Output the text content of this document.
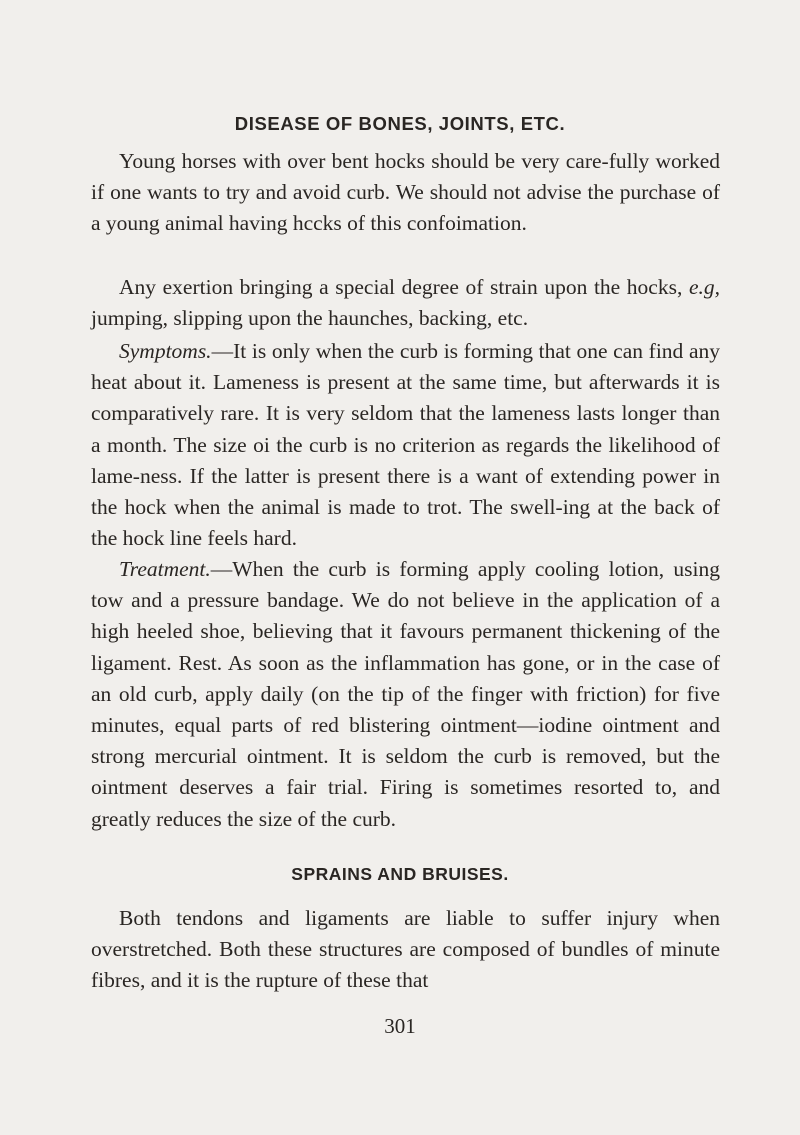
DISEASE OF BONES, JOINTS, ETC.

Young horses with over bent hocks should be very care-fully worked if one wants to try and avoid curb. We should not advise the purchase of a young animal having hccks of this confoimation.

Any exertion bringing a special degree of strain upon the hocks, e.g, jumping, slipping upon the haunches, backing, etc.

Symptoms.—It is only when the curb is forming that one can find any heat about it. Lameness is present at the same time, but afterwards it is comparatively rare. It is very seldom that the lameness lasts longer than a month. The size oi the curb is no criterion as regards the likelihood of lame-ness. If the latter is present there is a want of extending power in the hock when the animal is made to trot. The swell-ing at the back of the hock line feels hard.

Treatment.—When the curb is forming apply cooling lotion, using tow and a pressure bandage. We do not believe in the application of a high heeled shoe, believing that it favours permanent thickening of the ligament. Rest. As soon as the inflammation has gone, or in the case of an old curb, apply daily (on the tip of the finger with friction) for five minutes, equal parts of red blistering ointment—iodine ointment and strong mercurial ointment. It is seldom the curb is removed, but the ointment deserves a fair trial. Firing is sometimes resorted to, and greatly reduces the size of the curb.

SPRAINS AND BRUISES.

Both tendons and ligaments are liable to suffer injury when overstretched. Both these structures are composed of bundles of minute fibres, and it is the rupture of these that

301
